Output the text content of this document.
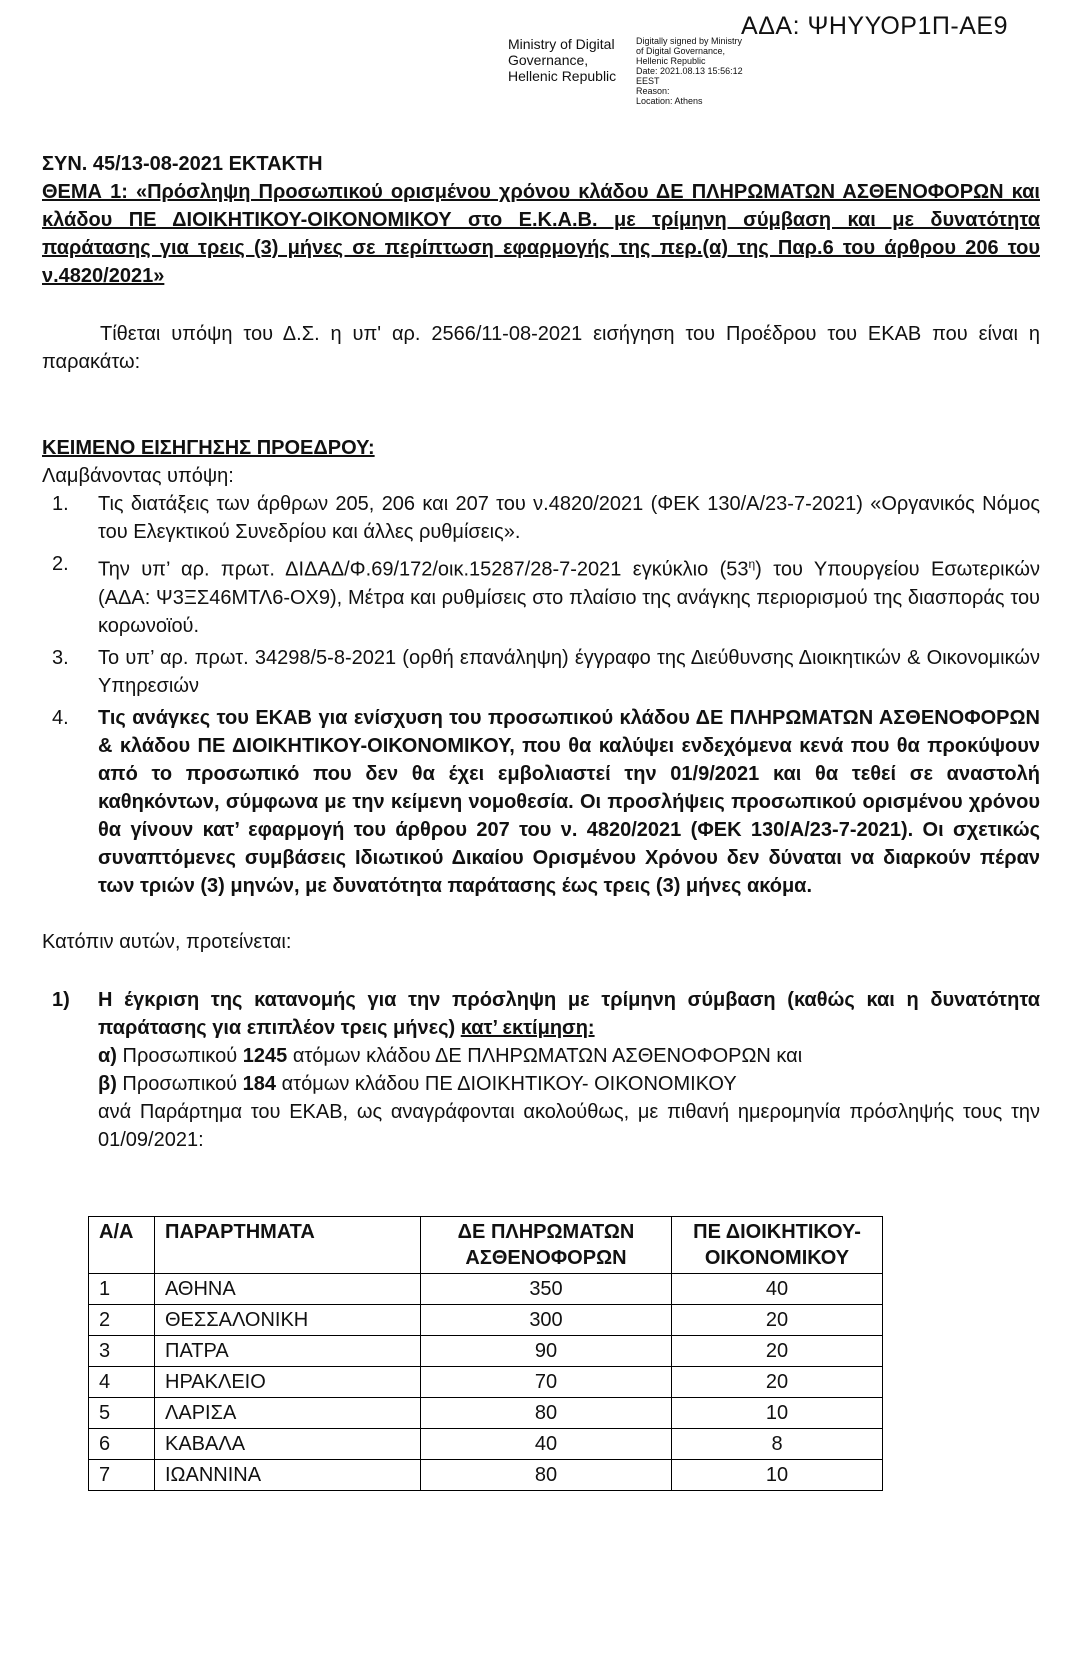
ΑΔΑ: ΨΗΥΥΟΡ1Π-ΑΕ9
Ministry of Digital Governance, Hellenic Republic
Digitally signed by Ministry
of Digital Governance,
Hellenic Republic
Date: 2021.08.13 15:56:12
EEST
Reason:
Location: Athens
ΣΥΝ. 45/13-08-2021 ΕΚΤΑΚΤΗ
ΘΕΜΑ 1: «Πρόσληψη Προσωπικού ορισμένου χρόνου κλάδου ΔΕ ΠΛΗΡΩΜΑΤΩΝ ΑΣΘΕΝΟΦΟΡΩΝ και κλάδου ΠΕ ΔΙΟΙΚΗΤΙΚΟΥ-ΟΙΚΟΝΟΜΙΚΟΥ στο Ε.Κ.Α.Β. με τρίμηνη σύμβαση και με δυνατότητα παράτασης για τρεις (3) μήνες σε περίπτωση εφαρμογής της περ.(α) της Παρ.6 του άρθρου 206 του ν.4820/2021»
Τίθεται υπόψη του Δ.Σ. η υπ' αρ. 2566/11-08-2021 εισήγηση του Προέδρου του ΕΚΑΒ που είναι η παρακάτω:
ΚΕΙΜΕΝΟ ΕΙΣΗΓΗΣΗΣ ΠΡΟΕΔΡΟΥ:
Λαμβάνοντας υπόψη:
1.	Τις διατάξεις των άρθρων 205, 206 και 207 του ν.4820/2021 (ΦΕΚ 130/Α/23-7-2021) «Οργανικός Νόμος του Ελεγκτικού Συνεδρίου και άλλες ρυθμίσεις».
2.	Την υπ’ αρ. πρωτ. ΔΙΔΑΔ/Φ.69/172/οικ.15287/28-7-2021 εγκύκλιο $(53^\eta)$ του Υπουργείου Εσωτερικών (ΑΔΑ: Ψ3ΞΣ46ΜΤΛ6-ΟΧ9), Μέτρα και ρυθμίσεις στο πλαίσιο της ανάγκης περιορισμού της διασποράς του κορωνοϊού.
3.	Το υπ’ αρ. πρωτ. 34298/5-8-2021 (ορθή επανάληψη) έγγραφο της Διεύθυνσης Διοικητικών & Οικονομικών Υπηρεσιών
4.	Τις ανάγκες του ΕΚΑΒ για ενίσχυση του προσωπικού κλάδου ΔΕ ΠΛΗΡΩΜΑΤΩΝ ΑΣΘΕΝΟΦΟΡΩΝ & κλάδου ΠΕ ΔΙΟΙΚΗΤΙΚΟΥ-ΟΙΚΟΝΟΜΙΚΟΥ, που θα καλύψει ενδεχόμενα κενά που θα προκύψουν από το προσωπικό που δεν θα έχει εμβολιαστεί την 01/9/2021 και θα τεθεί σε αναστολή καθηκόντων, σύμφωνα με την κείμενη νομοθεσία. Οι προσλήψεις προσωπικού ορισμένου χρόνου θα γίνουν κατ’ εφαρμογή του άρθρου 207 του ν. 4820/2021 (ΦΕΚ 130/Α/23-7-2021). Οι σχετικώς συναπτόμενες συμβάσεις Ιδιωτικού Δικαίου Ορισμένου Χρόνου δεν δύναται να διαρκούν πέραν των τριών (3) μηνών, με δυνατότητα παράτασης έως τρεις (3) μήνες ακόμα.
Κατόπιν αυτών, προτείνεται:
1)	Η έγκριση της κατανομής για την πρόσληψη με τρίμηνη σύμβαση (καθώς και η δυνατότητα παράτασης για επιπλέον τρεις μήνες) κατ’ εκτίμηση:
α) Προσωπικού 1245 ατόμων κλάδου ΔΕ ΠΛΗΡΩΜΑΤΩΝ ΑΣΘΕΝΟΦΟΡΩΝ και
β) Προσωπικού 184 ατόμων κλάδου ΠΕ ΔΙΟΙΚΗΤΙΚΟΥ- ΟΙΚΟΝΟΜΙΚΟΥ
ανά Παράρτημα του ΕΚΑΒ, ως αναγράφονται ακολούθως, με πιθανή ημερομηνία πρόσληψής τους την 01/09/2021:
Α/Α	ΠΑΡΑΡΤΗΜΑΤΑ	ΔΕ ΠΛΗΡΩΜΑΤΩΝ ΑΣΘΕΝΟΦΟΡΩΝ	ΠΕ ΔΙΟΙΚΗΤΙΚΟΥ-ΟΙΚΟΝΟΜΙΚΟΥ
1	ΑΘΗΝΑ	350	40
2	ΘΕΣΣΑΛΟΝΙΚΗ	300	20
3	ΠΑΤΡΑ	90	20
4	ΗΡΑΚΛΕΙΟ	70	20
5	ΛΑΡΙΣΑ	80	10
6	ΚΑΒΑΛΑ	40	8
7	ΙΩΑΝΝΙΝΑ	80	10
